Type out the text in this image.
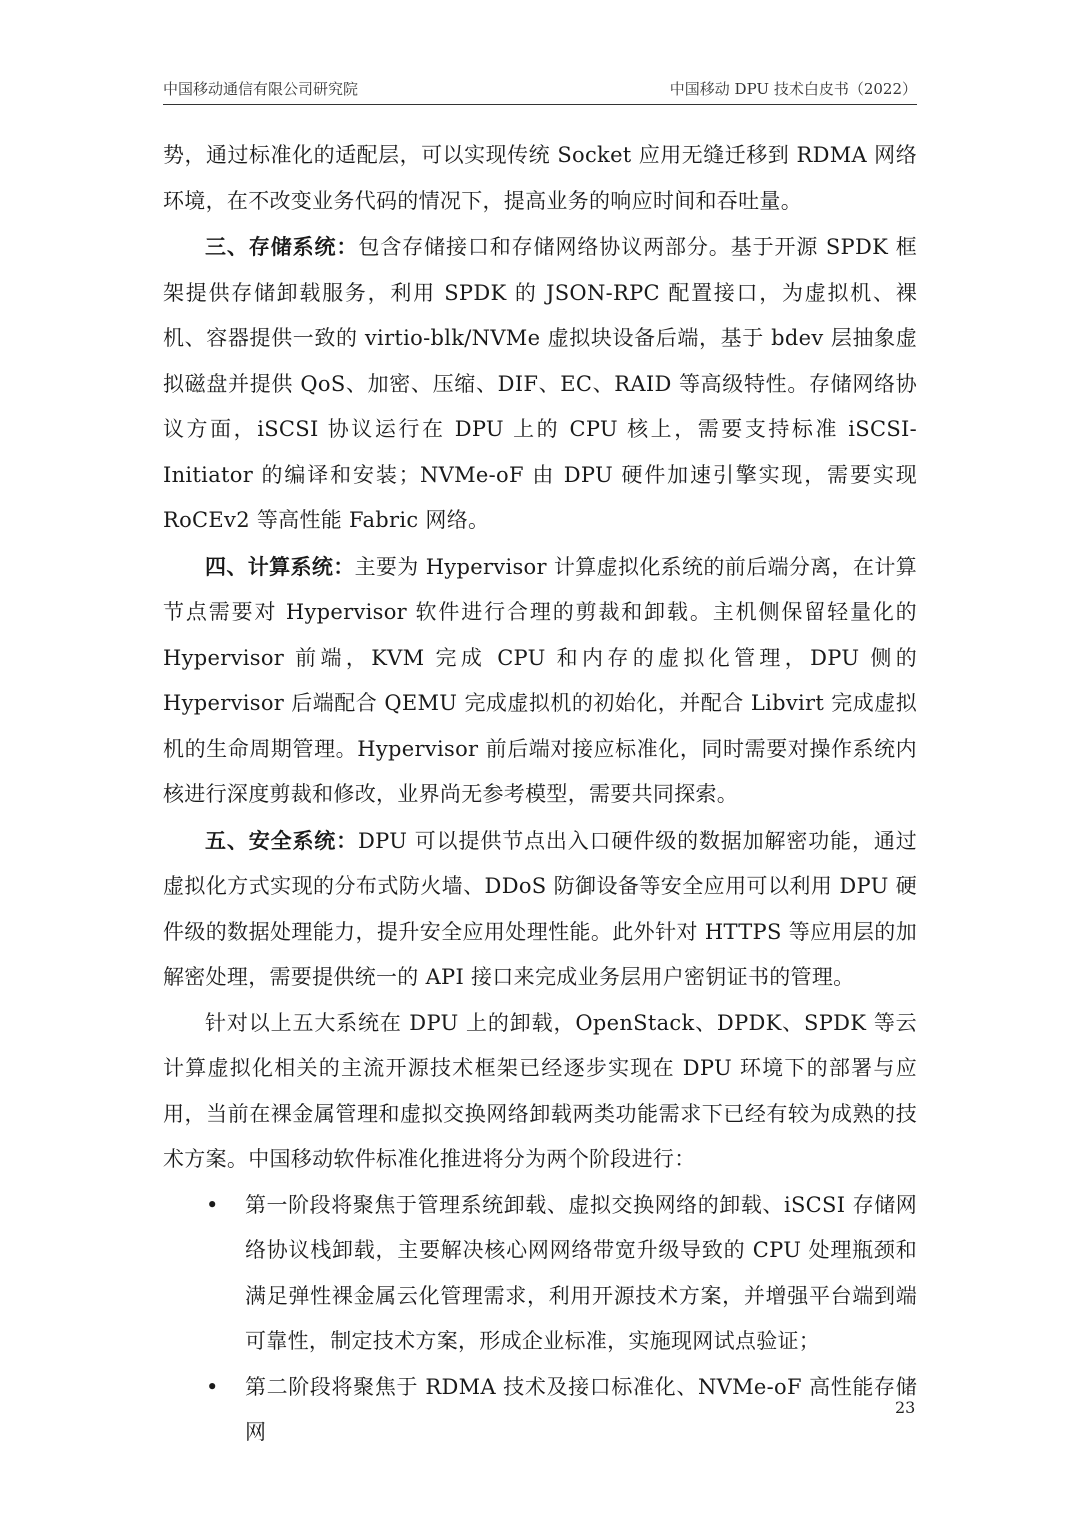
中国移动通信有限公司研究院	中国移动 DPU 技术白皮书（2022）

势，通过标准化的适配层，可以实现传统 Socket 应用无缝迁移到 RDMA 网络环境，在不改变业务代码的情况下，提高业务的响应时间和吞吐量。

三、存储系统：包含存储接口和存储网络协议两部分。基于开源 SPDK 框架提供存储卸载服务，利用 SPDK 的 JSON-RPC 配置接口，为虚拟机、裸机、容器提供一致的 virtio-blk/NVMe 虚拟块设备后端，基于 bdev 层抽象虚拟磁盘并提供 QoS、加密、压缩、DIF、EC、RAID 等高级特性。存储网络协议方面，iSCSI 协议运行在 DPU 上的 CPU 核上，需要支持标准 iSCSI-Initiator 的编译和安装；NVMe-oF 由 DPU 硬件加速引擎实现，需要实现 RoCEv2 等高性能 Fabric 网络。

四、计算系统：主要为 Hypervisor 计算虚拟化系统的前后端分离，在计算节点需要对 Hypervisor 软件进行合理的剪裁和卸载。主机侧保留轻量化的 Hypervisor 前端，KVM 完成 CPU 和内存的虚拟化管理，DPU 侧的 Hypervisor 后端配合 QEMU 完成虚拟机的初始化，并配合 Libvirt 完成虚拟机的生命周期管理。Hypervisor 前后端对接应标准化，同时需要对操作系统内核进行深度剪裁和修改，业界尚无参考模型，需要共同探索。

五、安全系统：DPU 可以提供节点出入口硬件级的数据加解密功能，通过虚拟化方式实现的分布式防火墙、DDoS 防御设备等安全应用可以利用 DPU 硬件级的数据处理能力，提升安全应用处理性能。此外针对 HTTPS 等应用层的加解密处理，需要提供统一的 API 接口来完成业务层用户密钥证书的管理。

针对以上五大系统在 DPU 上的卸载，OpenStack、DPDK、SPDK 等云计算虚拟化相关的主流开源技术框架已经逐步实现在 DPU 环境下的部署与应用，当前在裸金属管理和虚拟交换网络卸载两类功能需求下已经有较为成熟的技术方案。中国移动软件标准化推进将分为两个阶段进行：

• 第一阶段将聚焦于管理系统卸载、虚拟交换网络的卸载、iSCSI 存储网络协议栈卸载，主要解决核心网网络带宽升级导致的 CPU 处理瓶颈和满足弹性裸金属云化管理需求，利用开源技术方案，并增强平台端到端可靠性，制定技术方案，形成企业标准，实施现网试点验证；
• 第二阶段将聚焦于 RDMA 技术及接口标准化、NVMe-oF 高性能存储网
23
